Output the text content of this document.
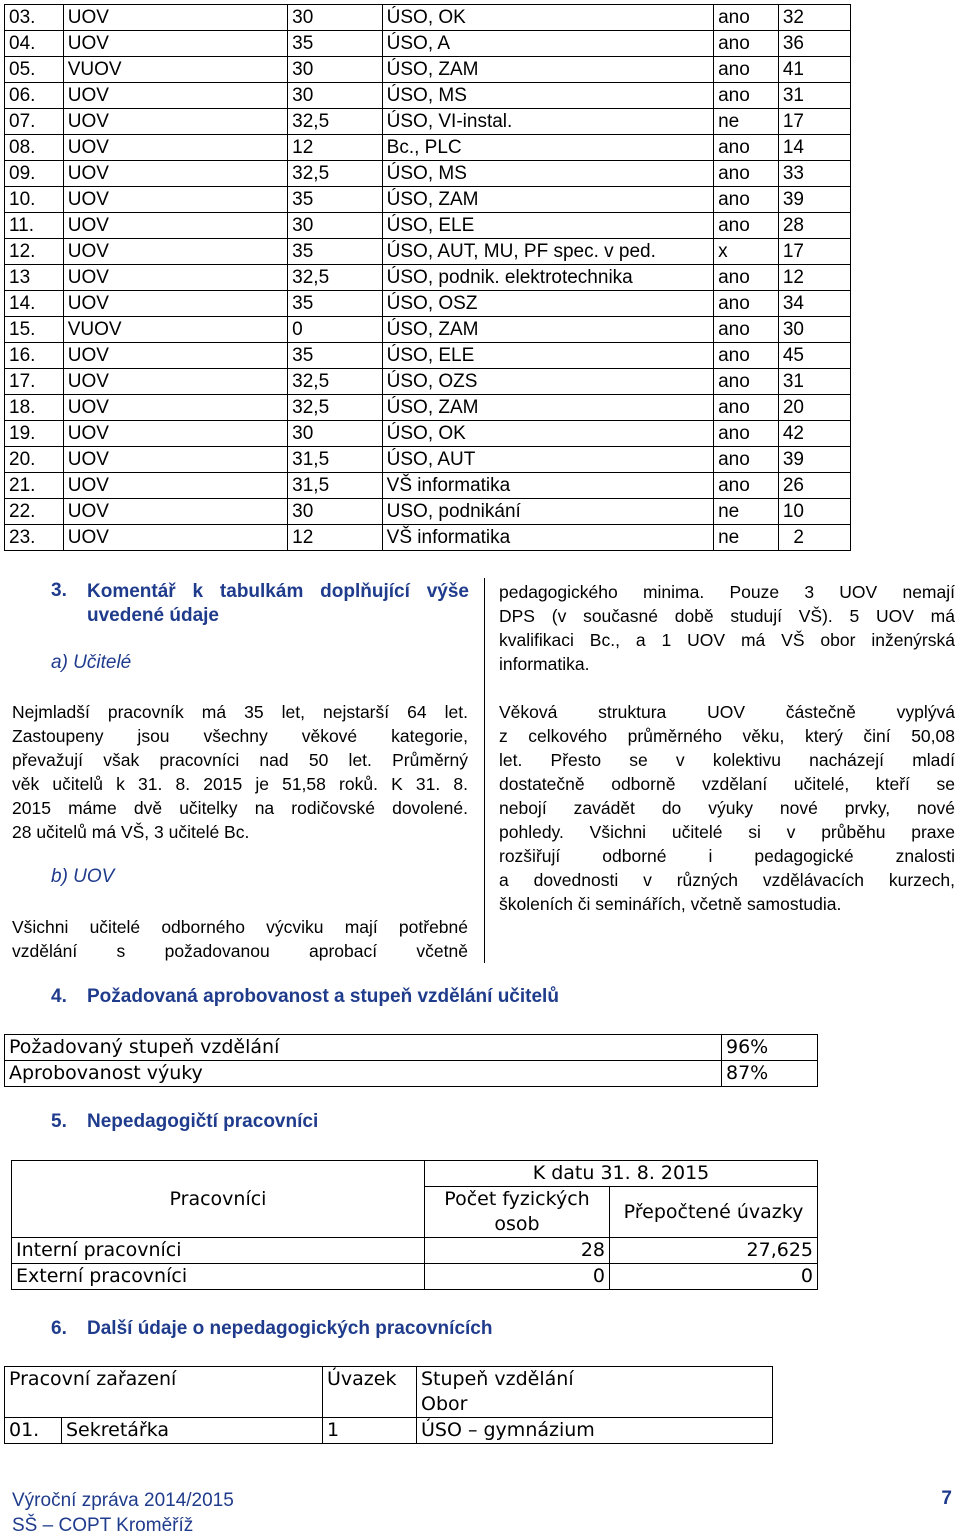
03.	UOV	30	ÚSO, OK	ano	32
04.	UOV	35	ÚSO, A	ano	36
05.	VUOV	30	ÚSO, ZAM	ano	41
06.	UOV	30	ÚSO, MS	ano	31
07.	UOV	32,5	ÚSO, VI-instal.	ne	17
08.	UOV	12	Bc., PLC	ano	14
09.	UOV	32,5	ÚSO, MS	ano	33
10.	UOV	35	ÚSO, ZAM	ano	39
11.	UOV	30	ÚSO, ELE	ano	28
12.	UOV	35	ÚSO, AUT, MU, PF spec. v ped.	x	17
13	UOV	32,5	ÚSO, podnik. elektrotechnika	ano	12
14.	UOV	35	ÚSO, OSZ	ano	34
15.	VUOV	0	ÚSO, ZAM	ano	30
16.	UOV	35	ÚSO, ELE	ano	45
17.	UOV	32,5	ÚSO, OZS	ano	31
18.	UOV	32,5	ÚSO, ZAM	ano	20
19.	UOV	30	ÚSO, OK	ano	42
20.	UOV	31,5	ÚSO, AUT	ano	39
21.	UOV	31,5	VŠ informatika	ano	26
22.	UOV	30	USO, podnikání	ne	10
23.	UOV	12	VŠ informatika	ne	2
3. Komentář k tabulkám doplňující výše
uvedené údaje
a) Učitelé
Nejmladší pracovník má 35 let, nejstarší 64 let.
Zastoupeny jsou všechny věkové kategorie,
převažují však pracovníci nad 50 let. Průměrný
věk učitelů k 31. 8. 2015 je 51,58 roků. K 31. 8.
2015 máme dvě učitelky na rodičovské dovolené.
28 učitelů má VŠ, 3 učitelé Bc.
b) UOV
Všichni učitelé odborného výcviku mají potřebné
vzdělání s požadovanou aprobací včetně
pedagogického minima. Pouze 3 UOV nemají
DPS (v současné době studují VŠ). 5 UOV má
kvalifikaci Bc., a 1 UOV má VŠ obor inženýrská
informatika.
Věková struktura UOV částečně vyplývá
z celkového průměrného věku, který činí 50,08
let. Přesto se v kolektivu nacházejí mladí
dostatečně odborně vzdělaní učitelé, kteří se
nebojí zavádět do výuky nové prvky, nové
pohledy. Všichni učitelé si v průběhu praxe
rozšiřují odborné i pedagogické znalosti
a dovednosti v různých vzdělávacích kurzech,
školeních či seminářích, včetně samostudia.
4. Požadovaná aprobovanost a stupeň vzdělání učitelů
Požadovaný stupeň vzdělání	96%
Aprobovanost výuky	87%
5. Nepedagogičtí pracovníci
Pracovníci	K datu 31. 8. 2015	

	Počet fyzických
osob	Přepočtené úvazky
Interní pracovníci	28	27,625
Externí pracovníci	0	0
6. Další údaje o nepedagogických pracovnících
Pracovní zařazení		Úvazek	Stupeň vzdělání
Obor

01.	Sekretářka	1	ÚSO – gymnázium
Výroční zpráva 2014/2015
SŠ – COPT Kroměříž
7
